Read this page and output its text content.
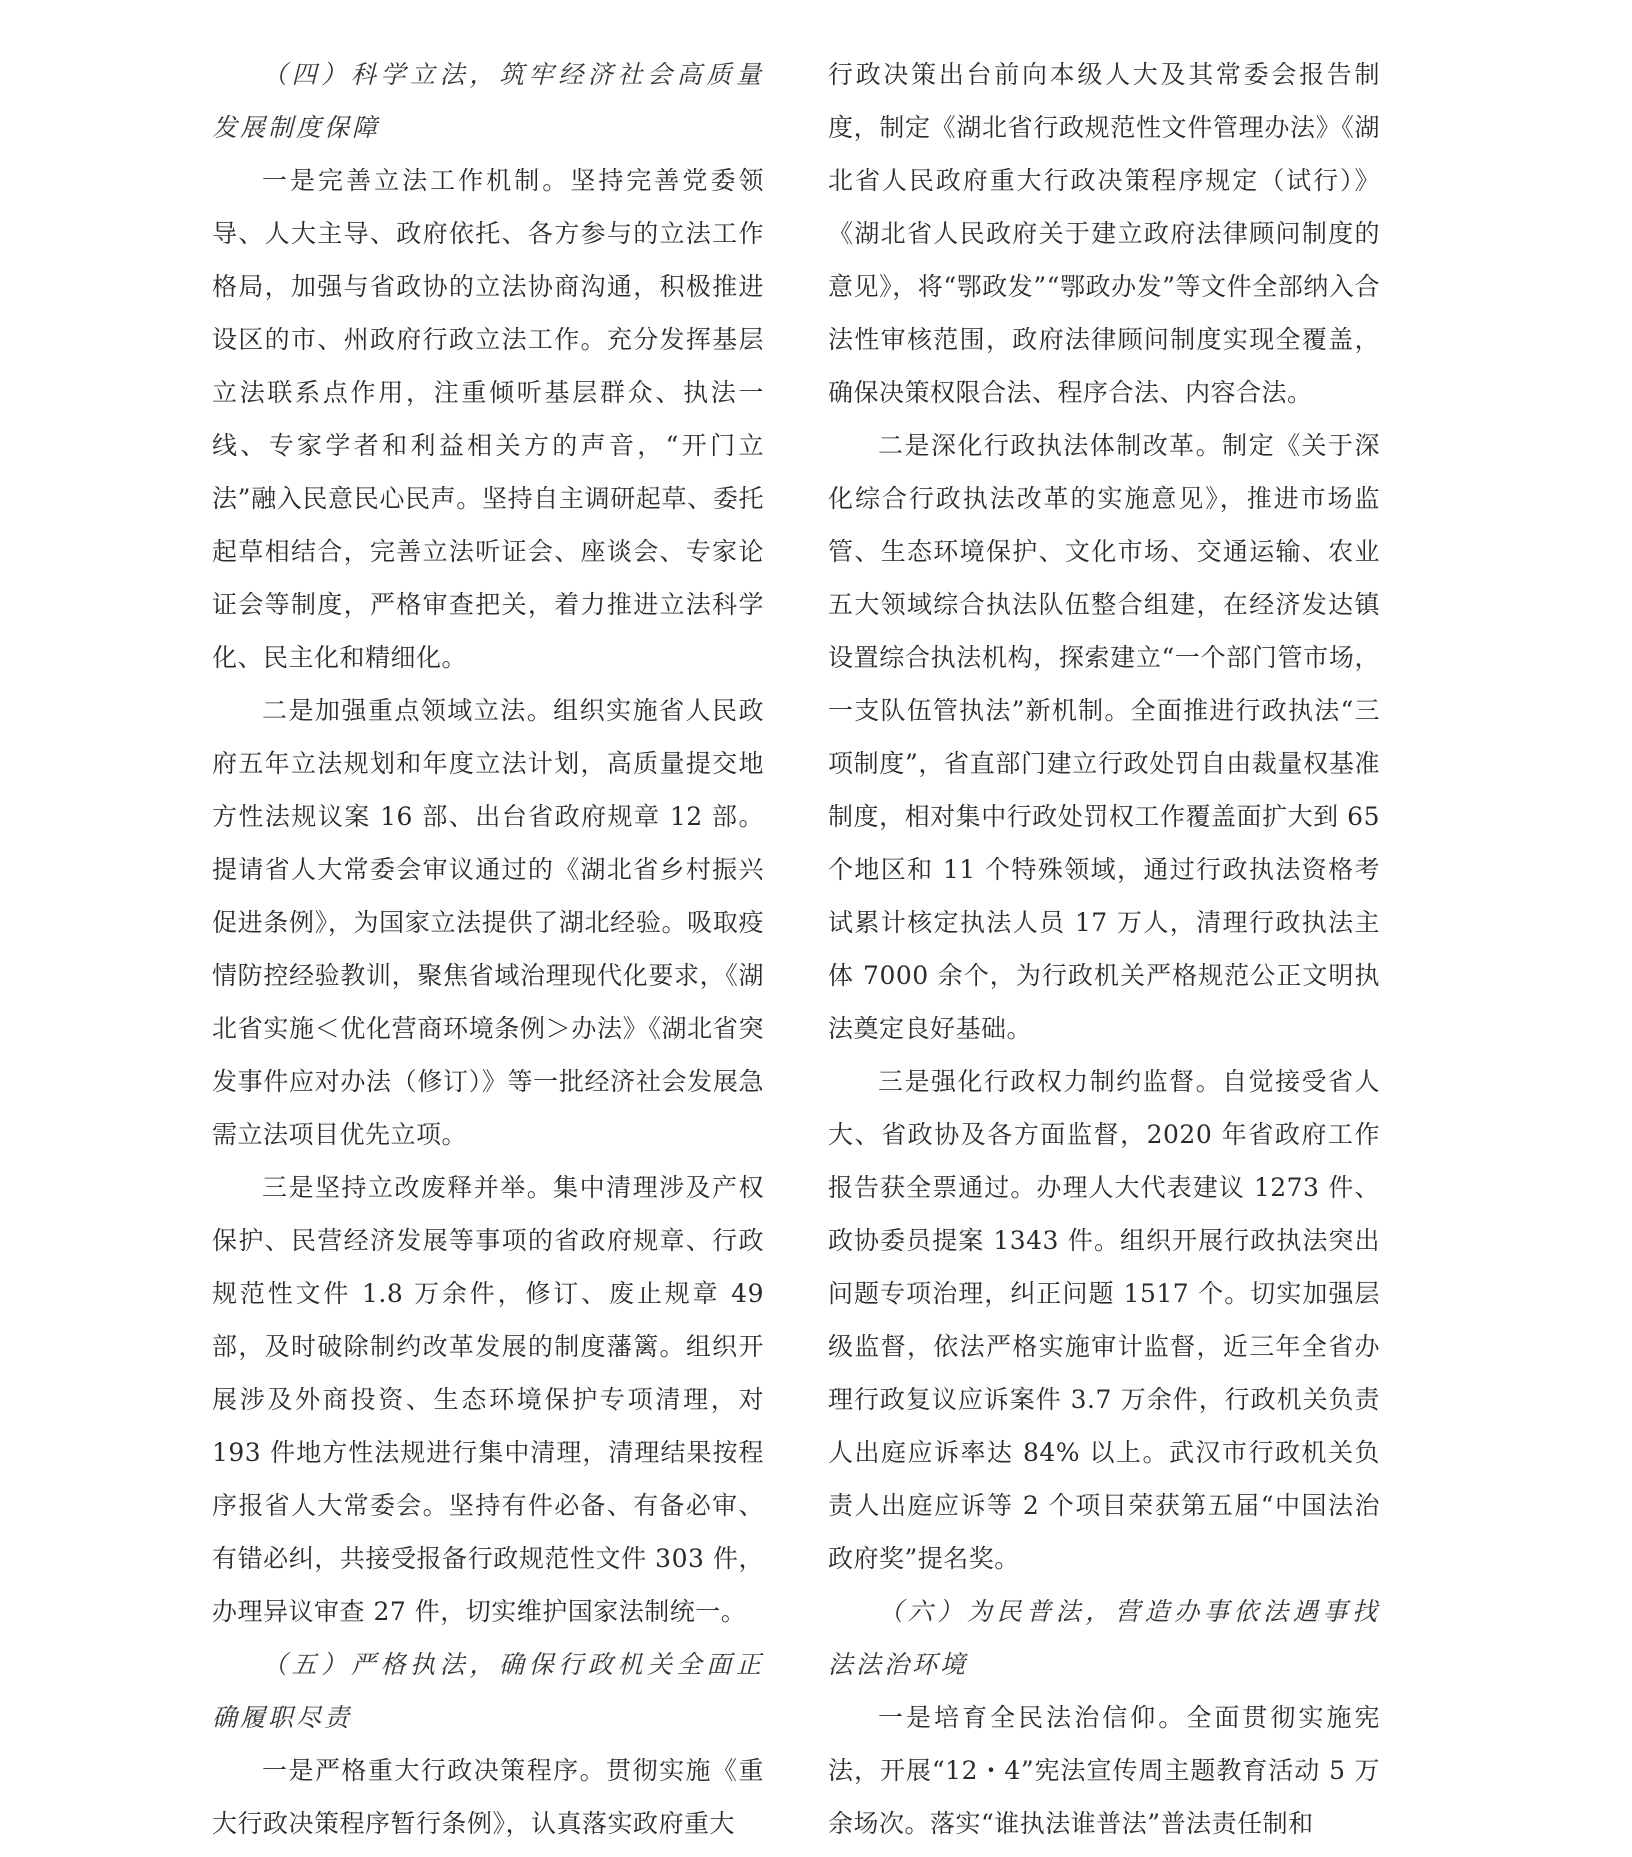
（四）科学立法，筑牢经济社会高质量发展制度保障

一是完善立法工作机制。坚持完善党委领导、人大主导、政府依托、各方参与的立法工作格局，加强与省政协的立法协商沟通，积极推进设区的市、州政府行政立法工作。充分发挥基层立法联系点作用，注重倾听基层群众、执法一线、专家学者和利益相关方的声音，“开门立法”融入民意民心民声。坚持自主调研起草、委托起草相结合，完善立法听证会、座谈会、专家论证会等制度，严格审查把关，着力推进立法科学化、民主化和精细化。

二是加强重点领域立法。组织实施省人民政府五年立法规划和年度立法计划，高质量提交地方性法规议案 16 部、出台省政府规章 12 部。提请省人大常委会审议通过的《湖北省乡村振兴促进条例》，为国家立法提供了湖北经验。吸取疫情防控经验教训，聚焦省域治理现代化要求，《湖北省实施＜优化营商环境条例＞办法》《湖北省突发事件应对办法（修订）》等一批经济社会发展急需立法项目优先立项。

三是坚持立改废释并举。集中清理涉及产权保护、民营经济发展等事项的省政府规章、行政规范性文件 1.8 万余件，修订、废止规章 49 部，及时破除制约改革发展的制度藩篱。组织开展涉及外商投资、生态环境保护专项清理，对 193 件地方性法规进行集中清理，清理结果按程序报省人大常委会。坚持有件必备、有备必审、有错必纠，共接受报备行政规范性文件 303 件，办理异议审查 27 件，切实维护国家法制统一。

（五）严格执法，确保行政机关全面正确履职尽责

一是严格重大行政决策程序。贯彻实施《重大行政决策程序暂行条例》，认真落实政府重大

行政决策出台前向本级人大及其常委会报告制度，制定《湖北省行政规范性文件管理办法》《湖北省人民政府重大行政决策程序规定（试行）》《湖北省人民政府关于建立政府法律顾问制度的意见》，将“鄂政发”“鄂政办发”等文件全部纳入合法性审核范围，政府法律顾问制度实现全覆盖，确保决策权限合法、程序合法、内容合法。

二是深化行政执法体制改革。制定《关于深化综合行政执法改革的实施意见》，推进市场监管、生态环境保护、文化市场、交通运输、农业五大领域综合执法队伍整合组建，在经济发达镇设置综合执法机构，探索建立“一个部门管市场，一支队伍管执法”新机制。全面推进行政执法“三项制度”，省直部门建立行政处罚自由裁量权基准制度，相对集中行政处罚权工作覆盖面扩大到 65 个地区和 11 个特殊领域，通过行政执法资格考试累计核定执法人员 17 万人，清理行政执法主体 7000 余个，为行政机关严格规范公正文明执法奠定良好基础。

三是强化行政权力制约监督。自觉接受省人大、省政协及各方面监督，2020 年省政府工作报告获全票通过。办理人大代表建议 1273 件、政协委员提案 1343 件。组织开展行政执法突出问题专项治理，纠正问题 1517 个。切实加强层级监督，依法严格实施审计监督，近三年全省办理行政复议应诉案件 3.7 万余件，行政机关负责人出庭应诉率达 84% 以上。武汉市行政机关负责人出庭应诉等 2 个项目荣获第五届“中国法治政府奖”提名奖。

（六）为民普法，营造办事依法遇事找法法治环境

一是培育全民法治信仰。全面贯彻实施宪法，开展“12・4”宪法宣传周主题教育活动 5 万余场次。落实“谁执法谁普法”普法责任制和
